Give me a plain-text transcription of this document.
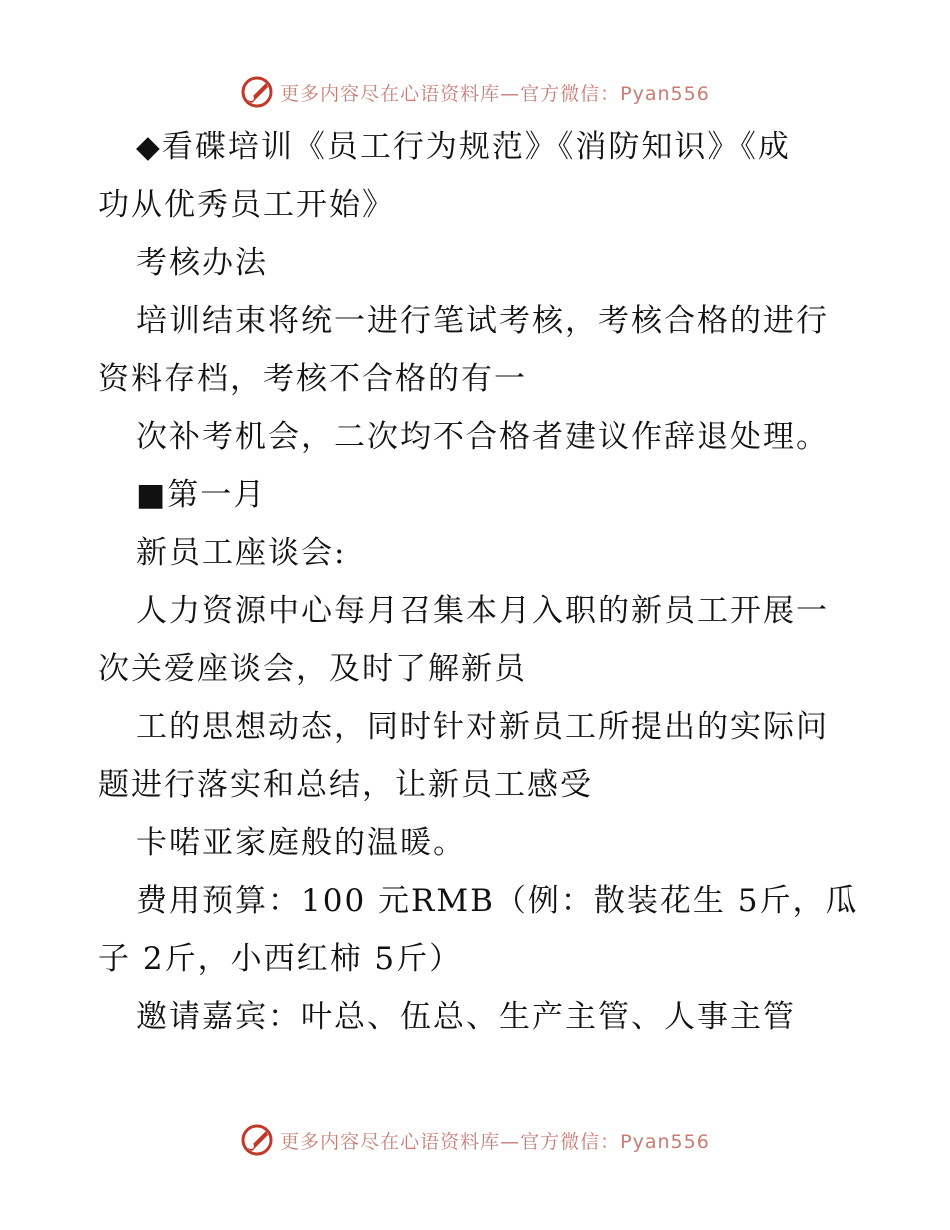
更多内容尽在心语资料库—官方微信：Pyan556

◆看碟培训《员工行为规范》《消防知识》《成

功从优秀员工开始》

考核办法

培训结束将统一进行笔试考核，考核合格的进行

资料存档，考核不合格的有一

次补考机会，二次均不合格者建议作辞退处理。

■第一月

新员工座谈会:

人力资源中心每月召集本月入职的新员工开展一

次关爱座谈会，及时了解新员

工的思想动态，同时针对新员工所提出的实际问

题进行落实和总结，让新员工感受

卡喏亚家庭般的温暖。

费用预算：100 元RMB（例：散装花生 5斤，瓜

子 2斤，小西红柿 5斤）

邀请嘉宾：叶总、伍总、生产主管、人事主管

更多内容尽在心语资料库—官方微信：Pyan556
